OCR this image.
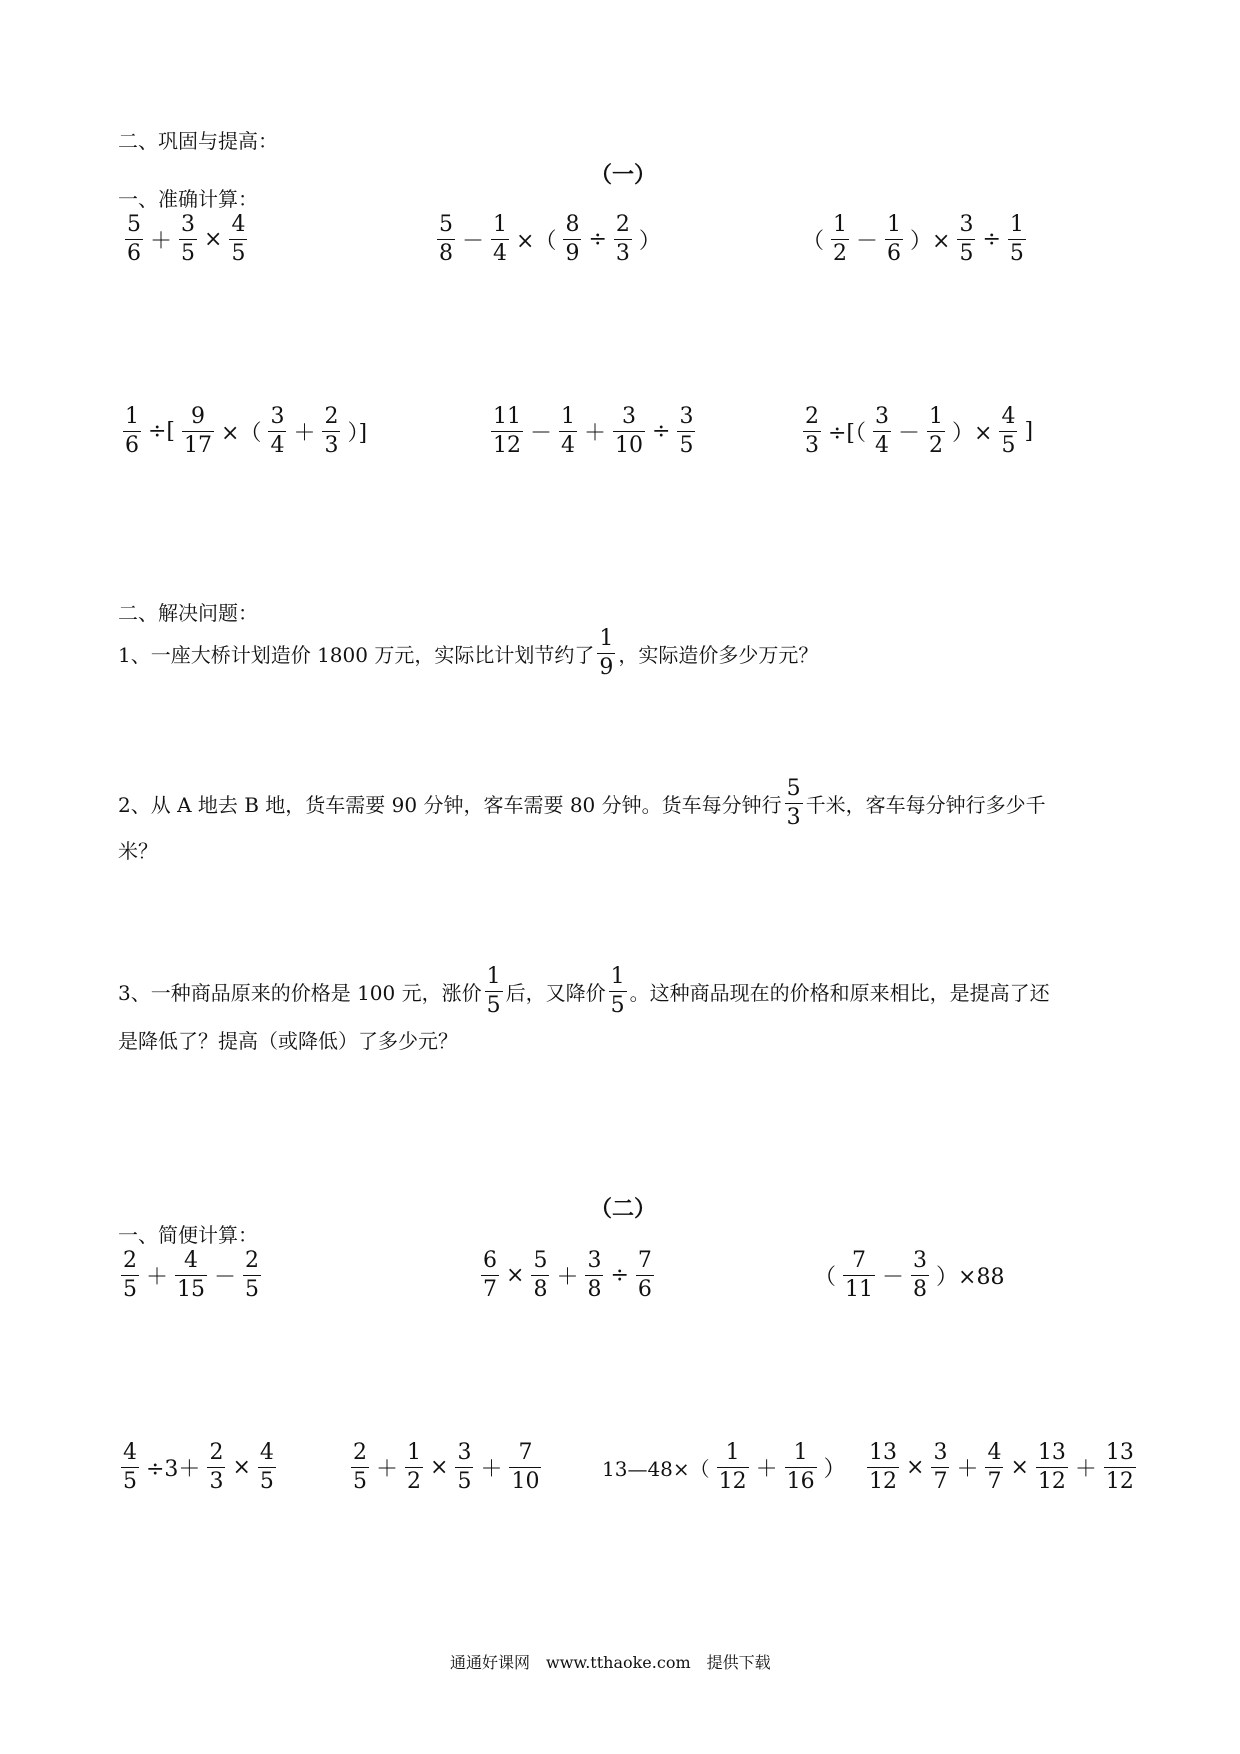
二、巩固与提高：
（一）
一、准确计算：
$\frac{5}{6} + \frac{3}{5} \times \frac{4}{5}$	$\frac{5}{8} - \frac{1}{4}$ ×（ $\frac{8}{9} \div \frac{2}{3}$ ）	（ $\frac{1}{2} - \frac{1}{6}$ ）× $\frac{3}{5} \div \frac{1}{5}$
$\frac{1}{6}$ ÷[ $\frac{9}{17}$ ×（ $\frac{3}{4} + \frac{2}{3}$ ）]	$\frac{11}{12} - \frac{1}{4} + \frac{3}{10} \div \frac{3}{5}$	$\frac{2}{3}$ ÷[（ $\frac{3}{4} - \frac{1}{2}$ ）× $\frac{4}{5}$ ]
二、解决问题：
1、一座大桥计划造价 1800 万元，实际比计划节约了 $\frac{1}{9}$ ，实际造价多少万元？
2、从 A 地去 B 地，货车需要 90 分钟，客车需要 80 分钟。货车每分钟行 $\frac{5}{3}$ 千米，客车每分钟行多少千
米？
3、一种商品原来的价格是 100 元，涨价 $\frac{1}{5}$ 后，又降价 $\frac{1}{5}$ 。这种商品现在的价格和原来相比，是提高了还
是降低了？提高（或降低）了多少元？
（二）
一、简便计算：
$\frac{2}{5} + \frac{4}{15} - \frac{2}{5}$	$\frac{6}{7} \times \frac{5}{8} + \frac{3}{8} \div \frac{7}{6}$	（ $\frac{7}{11} - \frac{3}{8} )\times 88$
$\frac{4}{5} \div 3+ \frac{2}{3} \times \frac{4}{5}$	$\frac{2}{5} + \frac{1}{2} \times \frac{3}{5} + \frac{7}{10}$	13—48×（ $\frac{1}{12} + \frac{1}{16}$ ） $\frac{13}{12} \times \frac{3}{7} + \frac{4}{7} \times \frac{13}{12} + \frac{13}{12}$
通通好课网　www.tthaoke.com　提供下载
